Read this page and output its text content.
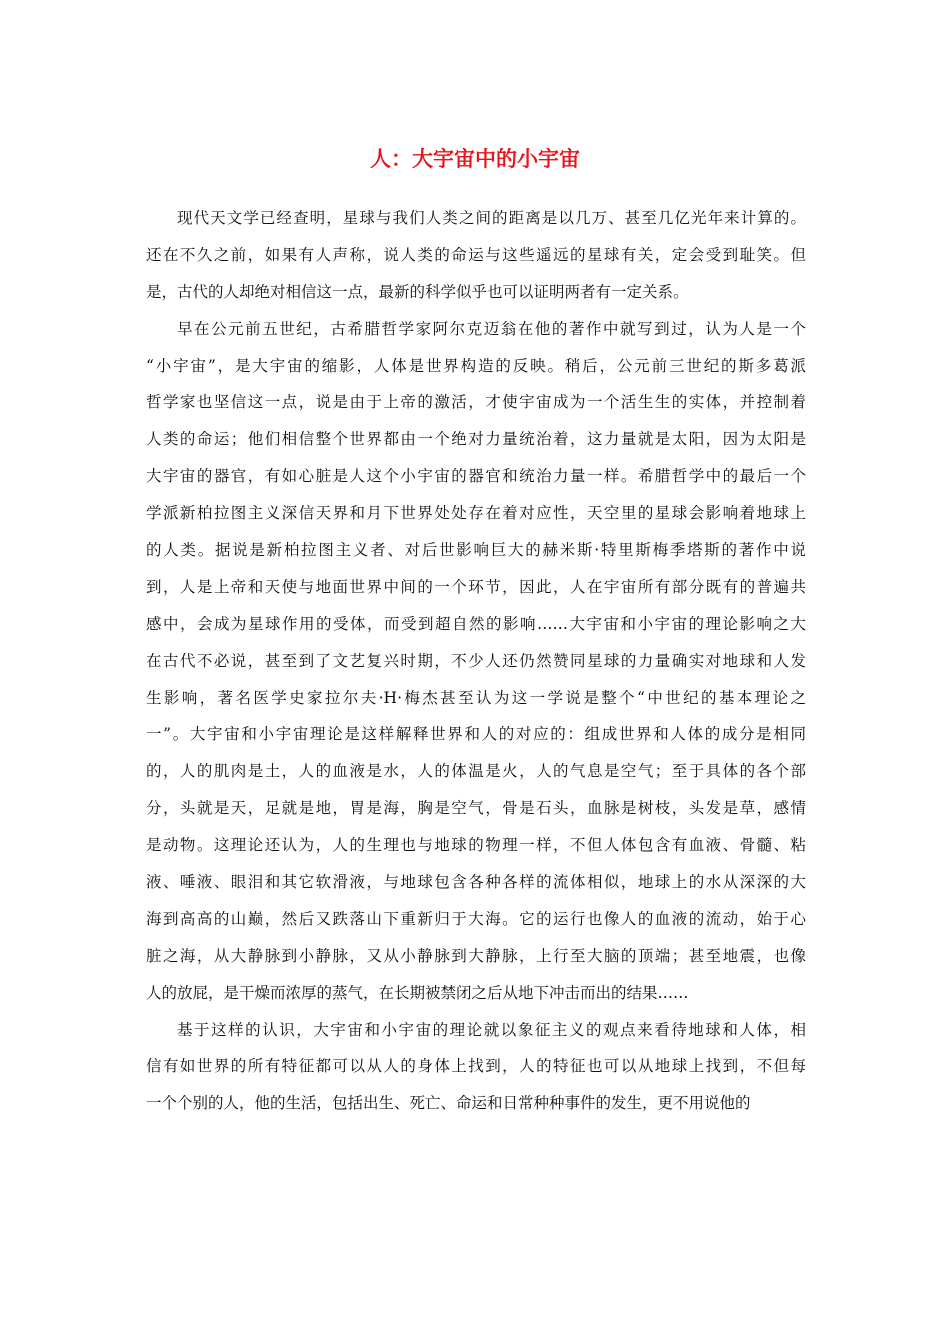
人：大宇宙中的小宇宙
现代天文学已经查明，星球与我们人类之间的距离是以几万、甚至几亿光年来计算的。
还在不久之前，如果有人声称，说人类的命运与这些遥远的星球有关，定会受到耻笑。但
是，古代的人却绝对相信这一点，最新的科学似乎也可以证明两者有一定关系。
早在公元前五世纪，古希腊哲学家阿尔克迈翁在他的著作中就写到过，认为人是一个
“小宇宙”，是大宇宙的缩影，人体是世界构造的反映。稍后，公元前三世纪的斯多葛派
哲学家也坚信这一点，说是由于上帝的激活，才使宇宙成为一个活生生的实体，并控制着
人类的命运；他们相信整个世界都由一个绝对力量统治着，这力量就是太阳，因为太阳是
大宇宙的器官，有如心脏是人这个小宇宙的器官和统治力量一样。希腊哲学中的最后一个
学派新柏拉图主义深信天界和月下世界处处存在着对应性，天空里的星球会影响着地球上
的人类。据说是新柏拉图主义者、对后世影响巨大的赫米斯·特里斯梅季塔斯的著作中说
到，人是上帝和天使与地面世界中间的一个环节，因此，人在宇宙所有部分既有的普遍共
感中，会成为星球作用的受体，而受到超自然的影响……大宇宙和小宇宙的理论影响之大
在古代不必说，甚至到了文艺复兴时期，不少人还仍然赞同星球的力量确实对地球和人发
生影响，著名医学史家拉尔夫·H·梅杰甚至认为这一学说是整个“中世纪的基本理论之
一”。大宇宙和小宇宙理论是这样解释世界和人的对应的：组成世界和人体的成分是相同
的，人的肌肉是土，人的血液是水，人的体温是火，人的气息是空气；至于具体的各个部
分，头就是天，足就是地，胃是海，胸是空气，骨是石头，血脉是树枝，头发是草，感情
是动物。这理论还认为，人的生理也与地球的物理一样，不但人体包含有血液、骨髓、粘
液、唾液、眼泪和其它软滑液，与地球包含各种各样的流体相似，地球上的水从深深的大
海到高高的山巅，然后又跌落山下重新归于大海。它的运行也像人的血液的流动，始于心
脏之海，从大静脉到小静脉，又从小静脉到大静脉，上行至大脑的顶端；甚至地震，也像
人的放屁，是干燥而浓厚的蒸气，在长期被禁闭之后从地下冲击而出的结果……
基于这样的认识，大宇宙和小宇宙的理论就以象征主义的观点来看待地球和人体，相
信有如世界的所有特征都可以从人的身体上找到，人的特征也可以从地球上找到，不但每
一个个别的人，他的生活，包括出生、死亡、命运和日常种种事件的发生，更不用说他的
